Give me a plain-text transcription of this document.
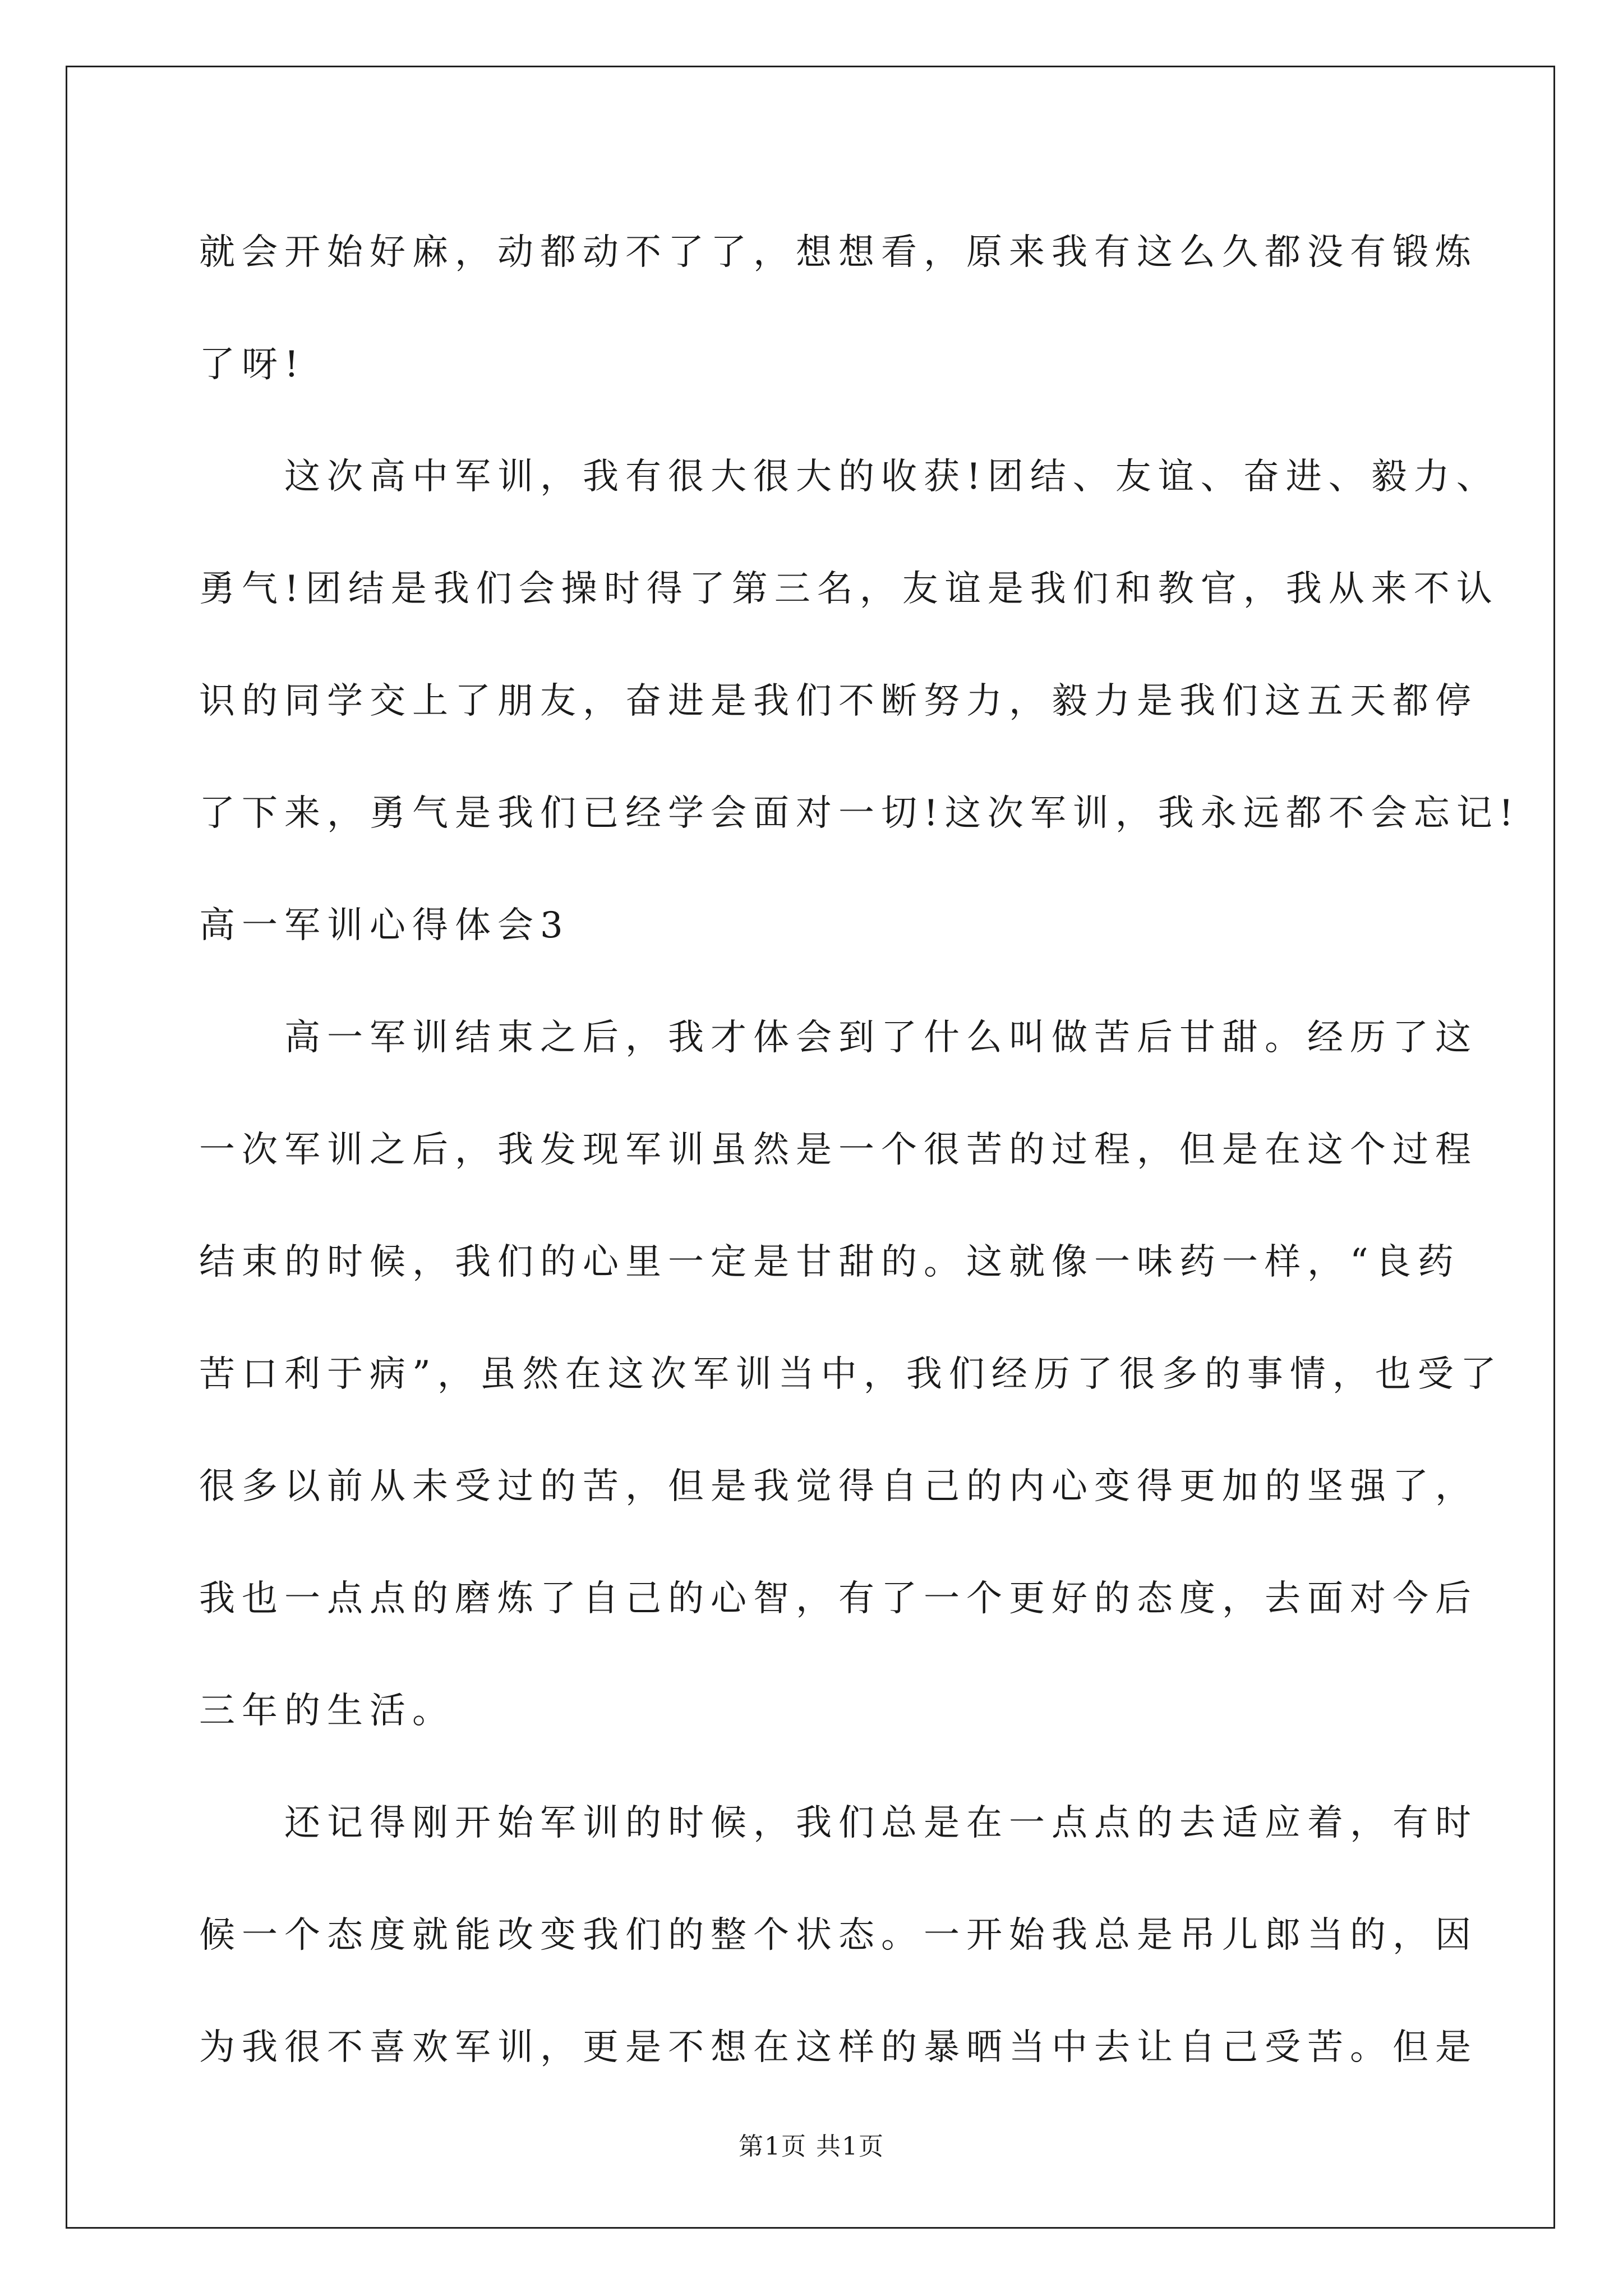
就会开始好麻，动都动不了了，想想看，原来我有这么久都没有锻炼
了呀!
这次高中军训，我有很大很大的收获!团结、友谊、奋进、毅力、
勇气!团结是我们会操时得了第三名，友谊是我们和教官，我从来不认
识的同学交上了朋友，奋进是我们不断努力，毅力是我们这五天都停
了下来，勇气是我们已经学会面对一切!这次军训，我永远都不会忘记!
高一军训心得体会3
高一军训结束之后，我才体会到了什么叫做苦后甘甜。经历了这
一次军训之后，我发现军训虽然是一个很苦的过程，但是在这个过程
结束的时候，我们的心里一定是甘甜的。这就像一味药一样，“良药
苦口利于病”，虽然在这次军训当中，我们经历了很多的事情，也受了
很多以前从未受过的苦，但是我觉得自己的内心变得更加的坚强了，
我也一点点的磨炼了自己的心智，有了一个更好的态度，去面对今后
三年的生活。
还记得刚开始军训的时候，我们总是在一点点的去适应着，有时
候一个态度就能改变我们的整个状态。一开始我总是吊儿郎当的，因
为我很不喜欢军训，更是不想在这样的暴晒当中去让自己受苦。但是
第1页 共1页
